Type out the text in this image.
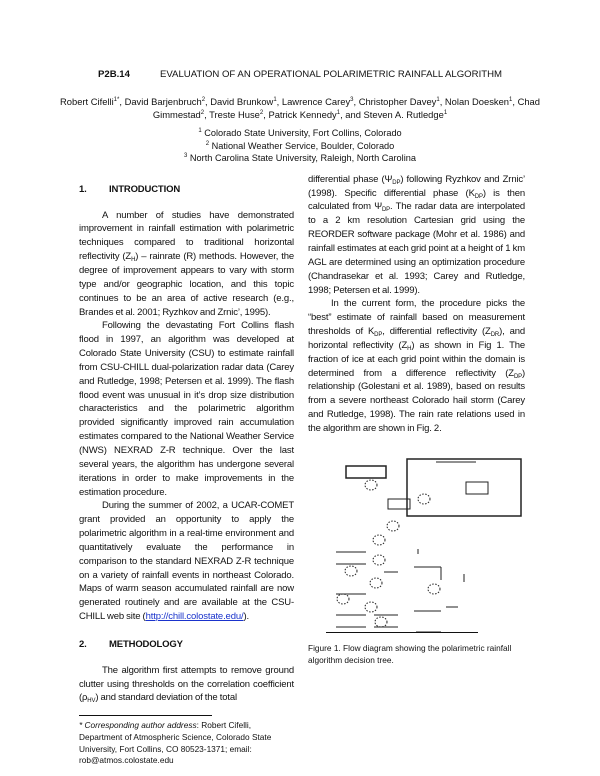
P2B.14	EVALUATION OF AN OPERATIONAL POLARIMETRIC RAINFALL ALGORITHM
Robert Cifelli$^{1*}$, David Barjenbruch$^2$, David Brunkow$^1$, Lawrence Carey$^3$, Christopher Davey$^1$, Nolan Doesken$^1$, Chad Gimmestad$^2$, Treste Huse$^2$, Patrick Kennedy$^1$, and Steven A. Rutledge$^1$
$^1$ Colorado State University, Fort Collins, Colorado
$^2$ National Weather Service, Boulder, Colorado
$^3$ North Carolina State University, Raleigh, North Carolina
1. INTRODUCTION

A number of studies have demonstrated improvement in rainfall estimation with polarimetric techniques compared to traditional horizontal reflectivity $(Z_H)$ – rainrate (R) methods. However, the degree of improvement appears to vary with storm type and/or geographic location, and this topic continues to be an area of active research (e.g., Brandes et al. 2001; Ryzhkov and Zrnic’, 1995).

Following the devastating Fort Collins flash flood in 1997, an algorithm was developed at Colorado State University (CSU) to estimate rainfall from CSU-CHILL dual-polarization radar data (Carey and Rutledge, 1998; Petersen et al. 1999). The flash flood event was unusual in it’s drop size distribution characteristics and the polarimetric algorithm provided significantly improved rain accumulation estimates compared to the National Weather Service (NWS) NEXRAD Z-R technique. Over the last several years, the algorithm has undergone several iterations in order to make improvements in the estimation procedure.

During the summer of 2002, a UCAR-COMET grant provided an opportunity to apply the polarimetric algorithm in a real-time environment and quantitatively evaluate the performance in comparison to the standard NEXRAD Z-R technique on a variety of rainfall events in northeast Colorado. Maps of warm season accumulated rainfall are now generated routinely and are available at the CSU-CHILL web site (http://chill.colostate.edu/).

2. METHODOLOGY

The algorithm first attempts to remove ground clutter using thresholds on the correlation coefficient $(\rho_{HV})$ and standard deviation of the total

* Corresponding author address: Robert Cifelli, Department of Atmospheric Science, Colorado State University, Fort Collins, CO 80523-1371; email: rob@atmos.colostate.edu

differential phase $(\Psi_{DP})$ following Ryzhkov and Zrnic’ (1998). Specific differential phase $(K_{DP})$ is then calculated from $\Psi_{DP}$. The radar data are interpolated to a 2 km resolution Cartesian grid using the REORDER software package (Mohr et al. 1986) and rainfall estimates at each grid point at a height of 1 km AGL are determined using an optimization procedure (Chandrasekar et al. 1993; Carey and Rutledge, 1998; Petersen et al. 1999).

In the current form, the procedure picks the “best” estimate of rainfall based on measurement thresholds of $K_{DP}$, differential reflectivity $(Z_{DR})$, and horizontal reflectivity $(Z_H)$ as shown in Fig 1. The fraction of ice at each grid point within the domain is determined from a difference reflectivity $(Z_{DP})$ relationship (Golestani et al. 1989), based on results from a severe northeast Colorado hail storm (Carey and Rutledge, 1998). The rain rate relations used in the algorithm are shown in Fig. 2.

Figure 1. Flow diagram showing the polarimetric rainfall algorithm decision tree.
